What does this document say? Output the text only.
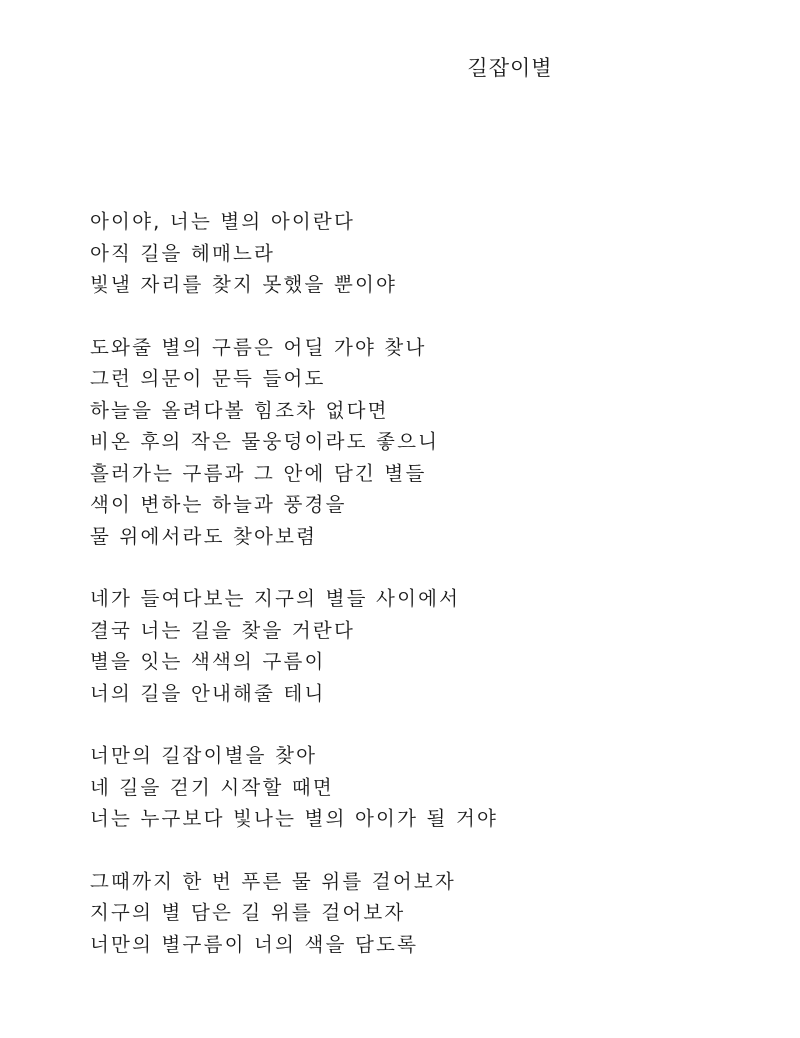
길잡이별
아이야, 너는 별의 아이란다
아직 길을 헤매느라
빛낼 자리를 찾지 못했을 뿐이야
도와줄 별의 구름은 어딜 가야 찾나
그런 의문이 문득 들어도
하늘을 올려다볼 힘조차 없다면
비온 후의 작은 물웅덩이라도 좋으니
흘러가는 구름과 그 안에 담긴 별들
색이 변하는 하늘과 풍경을
물 위에서라도 찾아보렴
네가 들여다보는 지구의 별들 사이에서
결국 너는 길을 찾을 거란다
별을 잇는 색색의 구름이
너의 길을 안내해줄 테니
너만의 길잡이별을 찾아
네 길을 걷기 시작할 때면
너는 누구보다 빛나는 별의 아이가 될 거야
그때까지 한 번 푸른 물 위를 걸어보자
지구의 별 담은 길 위를 걸어보자
너만의 별구름이 너의 색을 담도록
